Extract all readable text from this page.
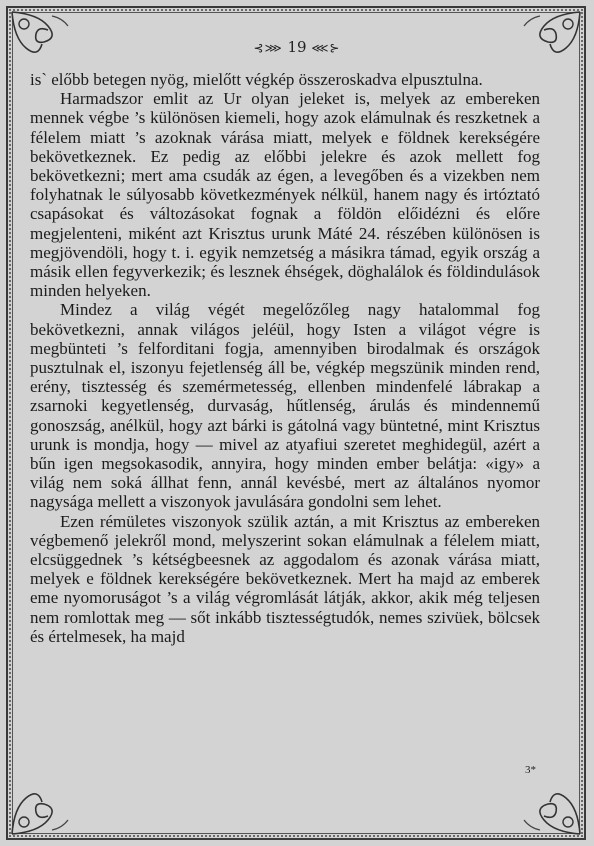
⊰⋙ 19 ⋘⊱

is` előbb betegen nyög, mielőtt végkép összeroskadva elpusztulna.

Harmadszor emlit az Ur olyan jeleket is, melyek az embereken mennek végbe ’s különösen kiemeli, hogy azok elámulnak és reszketnek a félelem miatt ’s azoknak várása miatt, melyek e földnek kerekségére bekövetkeznek. Ez pedig az előbbi jelekre és azok mellett fog bekövetkezni; mert ama csudák az égen, a levegőben és a vizekben nem folyhatnak le súlyosabb következmények nélkül, hanem nagy és irtóztató csapásokat és változásokat fognak a földön előidézni és előre megjelenteni, miként azt Krisztus urunk Máté 24. részében különösen is megjövendöli, hogy t. i. egyik nemzetség a másikra támad, egyik ország a másik ellen fegyverkezik; és lesznek éhségek, döghalálok és földindulások minden helyeken.

Mindez a világ végét megelőzőleg nagy hatalommal fog bekövetkezni, annak világos jeléül, hogy Isten a világot végre is megbünteti ’s felforditani fogja, amennyiben birodalmak és országok pusztulnak el, iszonyu fejetlenség áll be, végkép megszünik minden rend, erény, tisztesség és szemérmetesség, ellenben mindenfelé lábrakap a zsarnoki kegyetlenség, durvaság, hűtlenség, árulás és mindennemű gonoszság, anélkül, hogy azt bárki is gátolná vagy büntetné, mint Krisztus urunk is mondja, hogy — mivel az atyafiui szeretet meghidegül, azért a bűn igen megsokasodik, annyira, hogy minden ember belátja: «igy» a világ nem soká állhat fenn, annál kevésbé, mert az általános nyomor nagysága mellett a viszonyok javulására gondolni sem lehet.

Ezen rémületes viszonyok szülik aztán, a mit Krisztus az embereken végbemenő jelekről mond, melyszerint sokan elámulnak a félelem miatt, elcsüggednek ’s kétségbeesnek az aggodalom és azonak várása miatt, melyek e földnek kerekségére bekövetkeznek. Mert ha majd az emberek eme nyomoruságot ’s a világ végromlását látják, akkor, akik még teljesen nem romlottak meg — sőt inkább tisztességtudók, nemes szivüek, bölcsek és értelmesek, ha majd

3*
